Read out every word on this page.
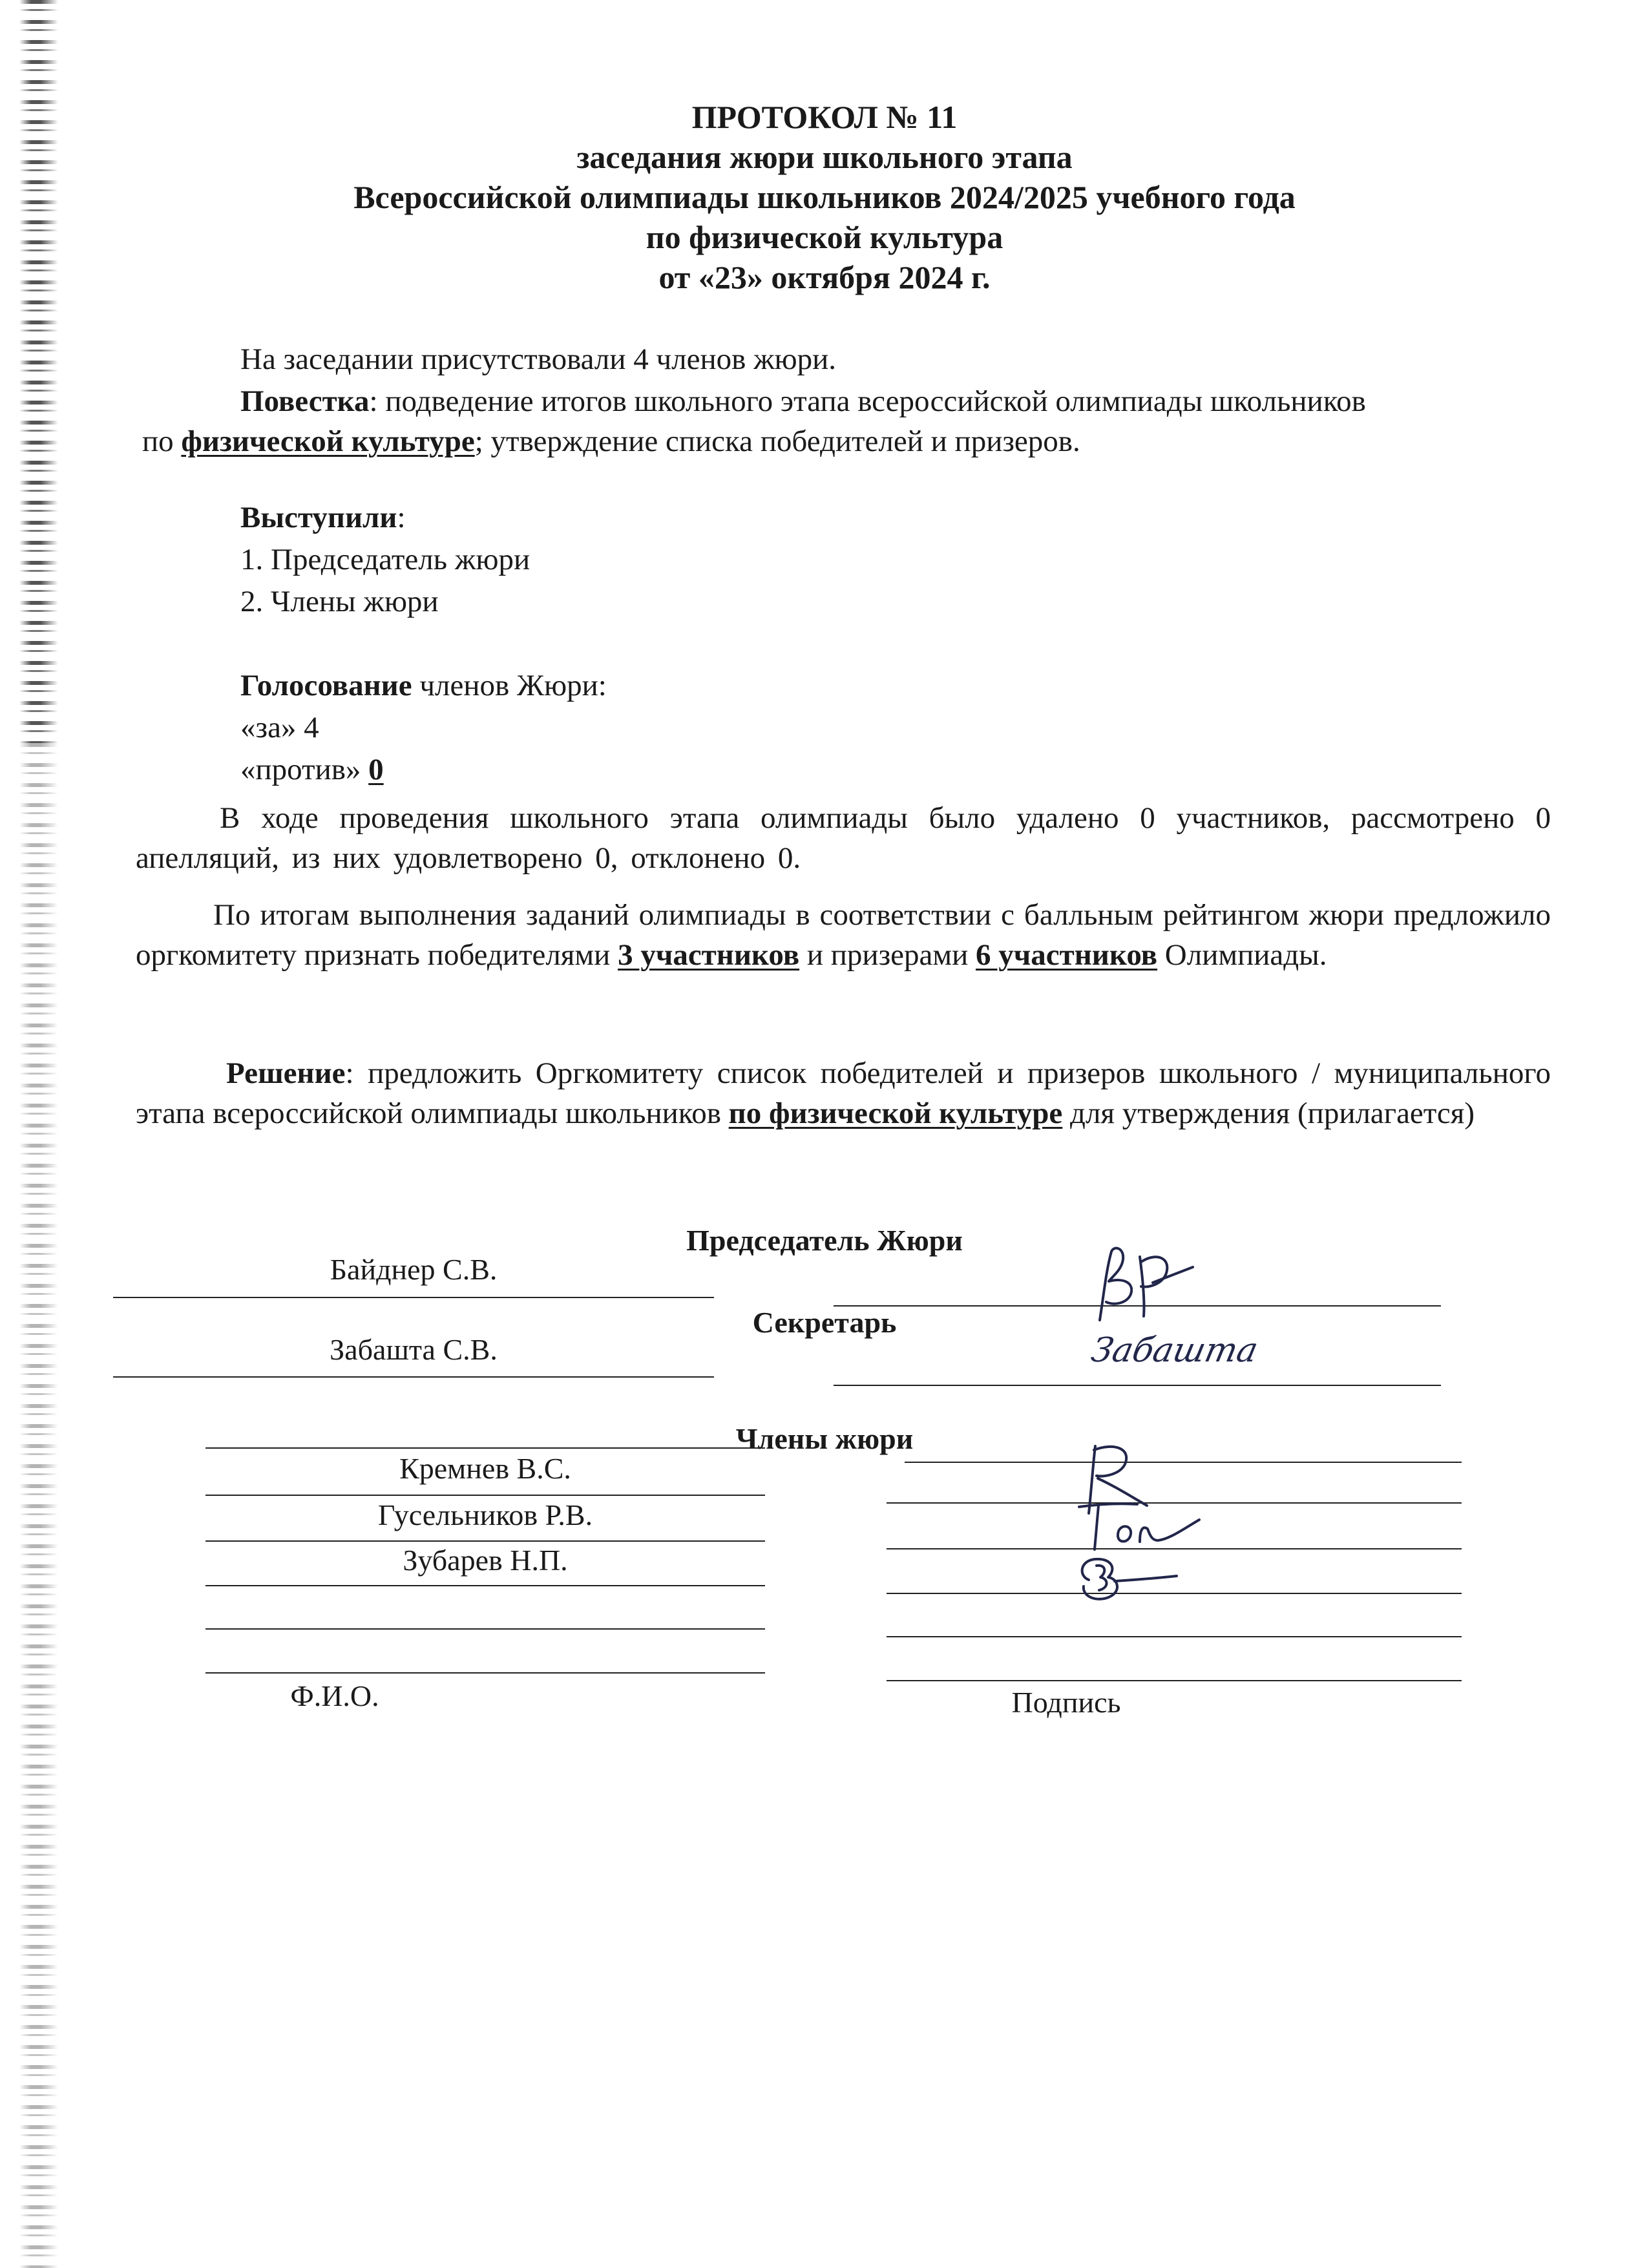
ПРОТОКОЛ № 11
заседания жюри школьного этапа
Всероссийской олимпиады школьников 2024/2025 учебного года
по физической культура
от «23» октября 2024 г.
На заседании присутствовали 4 членов жюри.
Повестка: подведение итогов школьного этапа всероссийской олимпиады школьников
по физической культуре; утверждение списка победителей и призеров.
Выступили:
1. Председатель жюри
2. Члены жюри
Голосование членов Жюри:
«за» 4
«против» 0
В ходе проведения школьного этапа олимпиады было удалено 0 участников, рассмотрено 0 апелляций, из них удовлетворено 0, отклонено 0.
По итогам выполнения заданий олимпиады в соответствии с балльным рейтингом жюри предложило оргкомитету признать победителями 3 участников и призерами 6 участников Олимпиады.
Решение: предложить Оргкомитету список победителей и призеров школьного / муниципального этапа всероссийской олимпиады школьников по физической культуре для утверждения (прилагается)
Председатель Жюри
Байднер С.В.
Секретарь
Забашта С.В.	Забашта
Члены жюри
Кремнев В.С.
Гусельников Р.В.
Зубарев Н.П.
Ф.И.О.	Подпись
